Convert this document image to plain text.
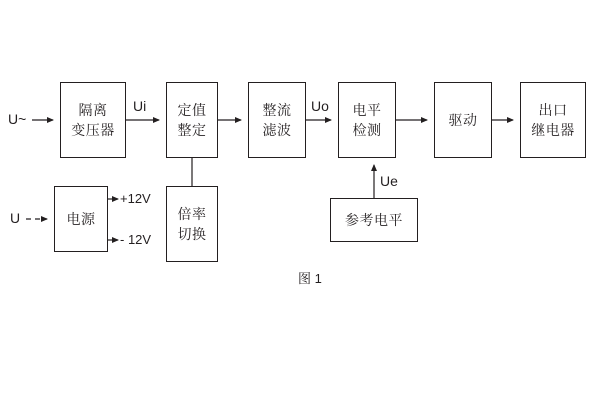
隔离
变压器
定值
整定
整流
滤波
电平
检测
驱动
出口
继电器
电源	倍率
切换
参考电平
U~
Ui	Uo
U
+12V
- 12V
Ue
图 1
